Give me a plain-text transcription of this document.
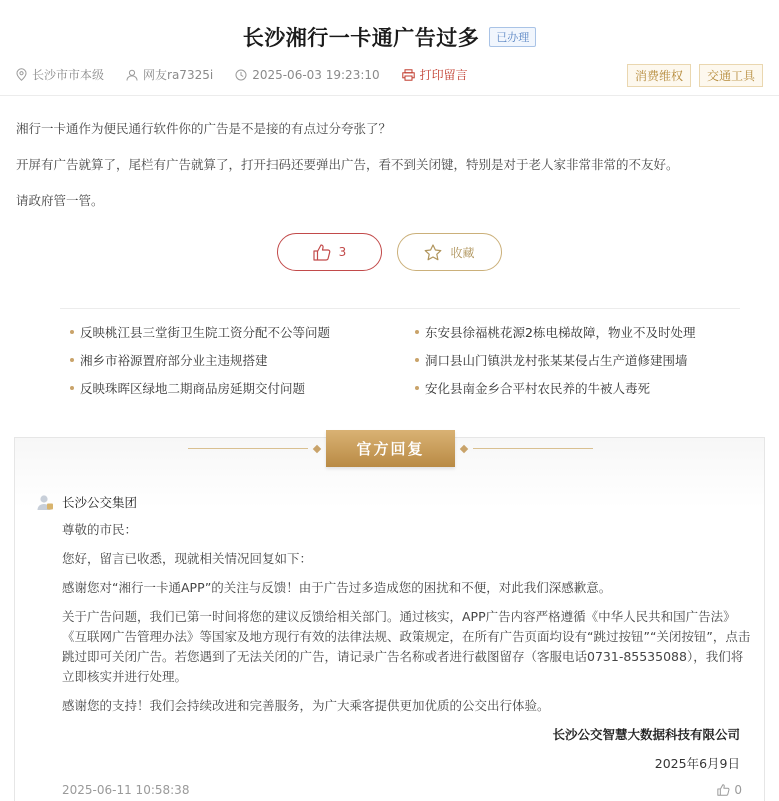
长沙湘行一卡通广告过多	已办理
长沙市市本级	网友ra7325i	2025-06-03 19:23:10	打印留言	消费维权	交通工具

湘行一卡通作为便民通行软件你的广告是不是接的有点过分夸张了？

开屏有广告就算了，尾栏有广告就算了，打开扫码还要弹出广告，看不到关闭键，特别是对于老人家非常非常的不友好。

请政府管一管。

3	收藏
反映桃江县三堂街卫生院工资分配不公等问题	东安县徐福桃花源2栋电梯故障，物业不及时处理
湘乡市裕源置府部分业主违规搭建	洞口县山门镇洪龙村张某某侵占生产道修建围墙
反映珠晖区绿地二期商品房延期交付问题	安化县南金乡合平村农民养的牛被人毒死
官方回复
长沙公交集团

尊敬的市民：

您好，留言已收悉，现就相关情况回复如下：

感谢您对“湘行一卡通APP”的关注与反馈！由于广告过多造成您的困扰和不便，对此我们深感歉意。

关于广告问题，我们已第一时间将您的建议反馈给相关部门。通过核实，APP广告内容严格遵循《中华人民共和国广告法》《互联网广告管理办法》等国家及地方现行有效的法律法规、政策规定，在所有广告页面均设有“跳过按钮”“关闭按钮”，点击跳过即可关闭广告。若您遇到了无法关闭的广告，请记录广告名称或者进行截图留存（客服电话0731-85535088），我们将立即核实并进行处理。

感谢您的支持！我们会持续改进和完善服务，为广大乘客提供更加优质的公交出行体验。

长沙公交智慧大数据科技有限公司
2025年6月9日
2025-06-11 10:58:38	0
